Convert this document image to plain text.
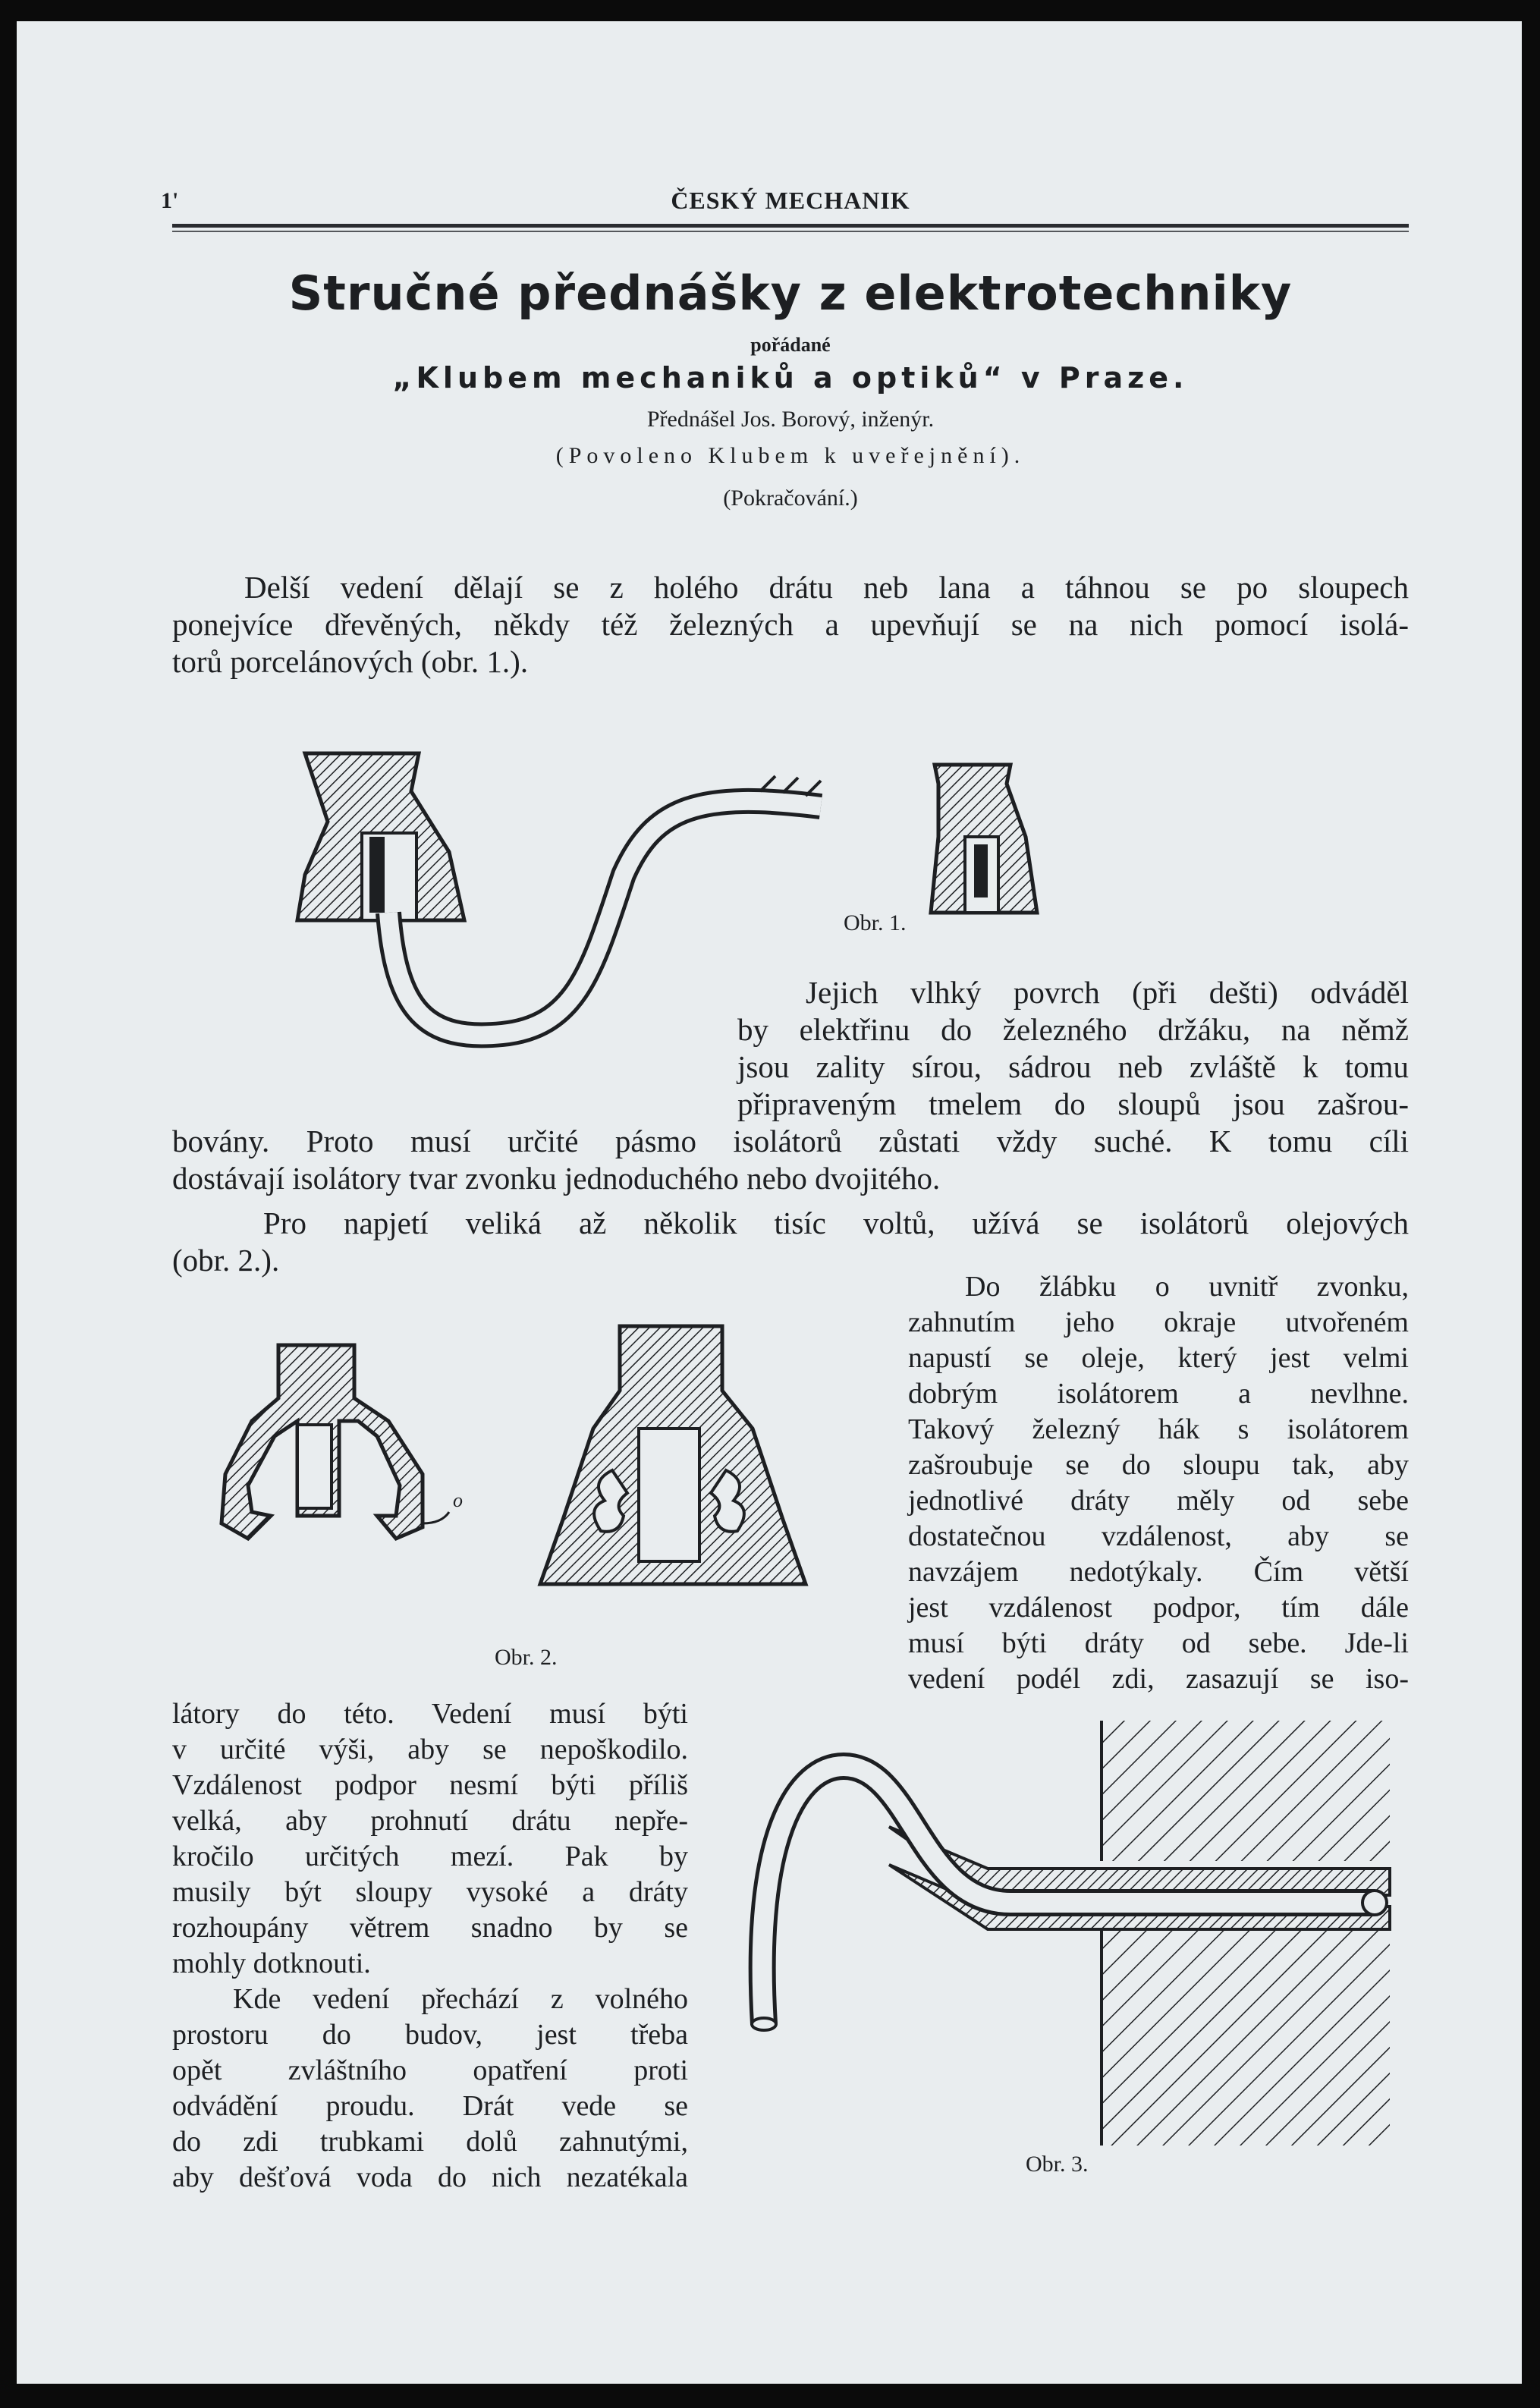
1'	ČESKÝ MECHANIK
Stručné přednášky z elektrotechniky
pořádané
„Klubem mechaniků a optiků“ v Praze.
Přednášel Jos. Borový, inženýr.
(Povoleno Klubem k uveřejnění).
(Pokračování.)
Delší vedení dělají se z holého drátu neb lana a táhnou se po sloupech
ponejvíce dřevěných, někdy též železných a upevňují se na nich pomocí isolá-
torů porcelánových (obr. 1.).
Obr. 1.
Jejich vlhký povrch (při dešti) odváděl
by elektřinu do železného držáku, na němž
jsou zality sírou, sádrou neb zvláště k tomu
připraveným tmelem do sloupů jsou zašrou-
bovány. Proto musí určité pásmo isolátorů zůstati vždy suché. K tomu cíli
dostávají isolátory tvar zvonku jednoduchého nebo dvojitého.
Pro napjetí veliká až několik tisíc voltů, užívá se isolátorů olejových
(obr. 2.).
o
Obr. 2.
Do žlábku o uvnitř zvonku,
zahnutím jeho okraje utvořeném
napustí se oleje, který jest velmi
dobrým isolátorem a nevlhne.
Takový železný hák s isolátorem
zašroubuje se do sloupu tak, aby
jednotlivé dráty měly od sebe
dostatečnou vzdálenost, aby se
navzájem nedotýkaly. Čím větší
jest vzdálenost podpor, tím dále
musí býti dráty od sebe. Jde-li
vedení podél zdi, zasazují se iso-
látory do této. Vedení musí býti
v určité výši, aby se nepoškodilo.
Vzdálenost podpor nesmí býti příliš
velká, aby prohnutí drátu nepře-
kročilo určitých mezí. Pak by
musily být sloupy vysoké a dráty
rozhoupány větrem snadno by se
mohly dotknouti.
Kde vedení přechází z volného
prostoru do budov, jest třeba
opět zvláštního opatření proti
odvádění proudu. Drát vede se
do zdi trubkami dolů zahnutými,
aby dešťová voda do nich nezatékala	Obr. 3.
